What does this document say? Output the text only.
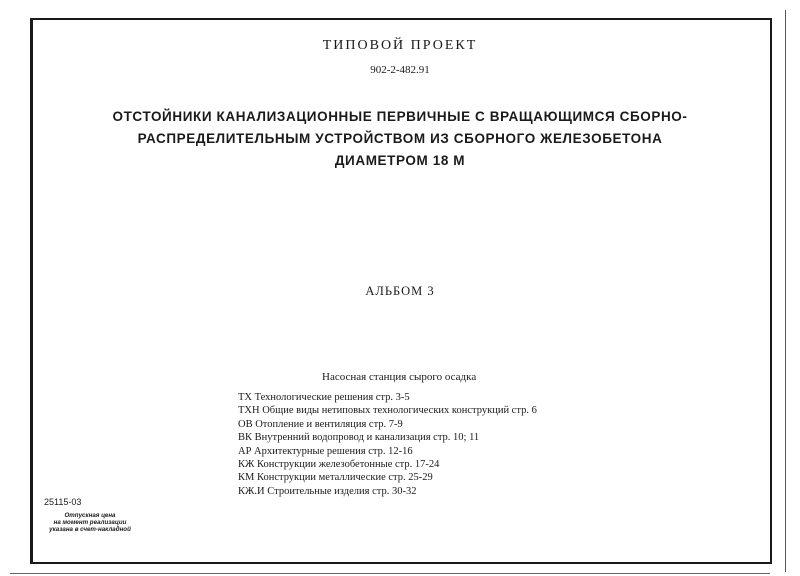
ТИПОВОЙ ПРОЕКТ
902-2-482.91
ОТСТОЙНИКИ КАНАЛИЗАЦИОННЫЕ ПЕРВИЧНЫЕ С ВРАЩАЮЩИМСЯ СБОРНО-
РАСПРЕДЕЛИТЕЛЬНЫМ УСТРОЙСТВОМ ИЗ СБОРНОГО ЖЕЛЕЗОБЕТОНА
ДИАМЕТРОМ 18 М
АЛЬБОМ 3
Насосная станция сырого осадка
ТХ Технологические решения стр. 3-5
ТХН Общие виды нетиповых технологических конструкций стр. 6
ОВ Отопление и вентиляция стр. 7-9
ВК Внутренний водопровод и канализация стр. 10; 11
АР Архитектурные решения стр. 12-16
КЖ Конструкции железобетонные стр. 17-24
КМ Конструкции металлические стр. 25-29
КЖ.И Строительные изделия стр. 30-32
25115-03
Отпускная цена
на момент реализации
указана в счет-накладной
